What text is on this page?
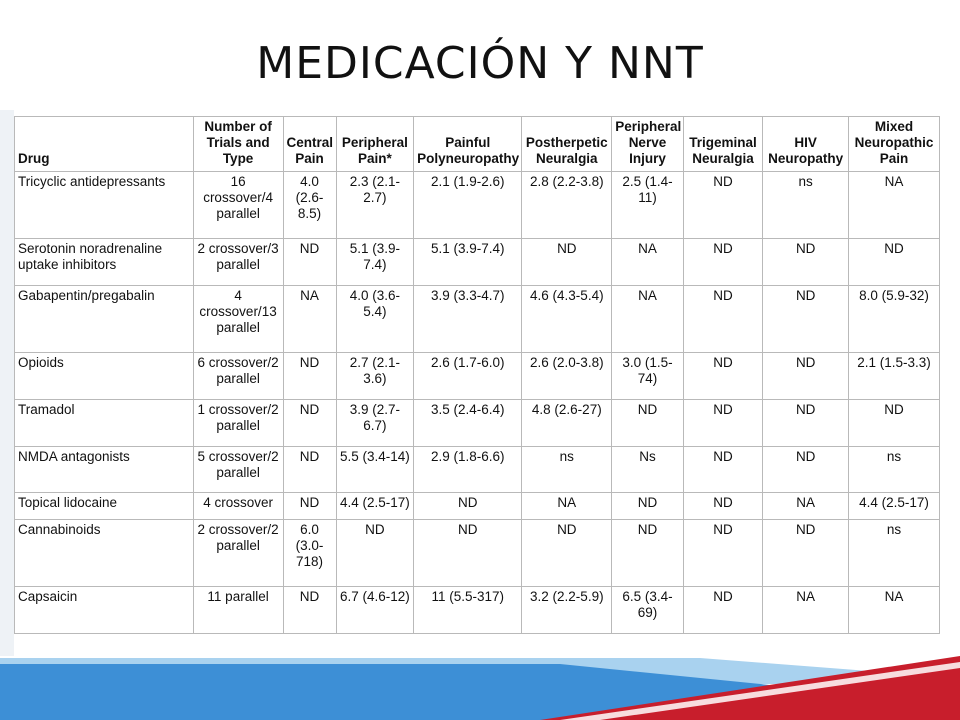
MEDICACIÓN Y NNT
Drug	Number of Trials and Type	Central Pain	Peripheral Pain*	Painful Polyneuropathy	Postherpetic Neuralgia	Peripheral Nerve Injury	Trigeminal Neuralgia	HIV Neuropathy	Mixed Neuropathic Pain
Tricyclic antidepressants	16 crossover/4 parallel	4.0 (2.6-8.5)	2.3 (2.1-2.7)	2.1 (1.9-2.6)	2.8 (2.2-3.8)	2.5 (1.4-11)	ND	ns	NA
Serotonin noradrenaline uptake inhibitors	2 crossover/3 parallel	ND	5.1 (3.9-7.4)	5.1 (3.9-7.4)	ND	NA	ND	ND	ND
Gabapentin/pregabalin	4 crossover/13 parallel	NA	4.0 (3.6-5.4)	3.9 (3.3-4.7)	4.6 (4.3-5.4)	NA	ND	ND	8.0 (5.9-32)
Opioids	6 crossover/2 parallel	ND	2.7 (2.1-3.6)	2.6 (1.7-6.0)	2.6 (2.0-3.8)	3.0 (1.5-74)	ND	ND	2.1 (1.5-3.3)
Tramadol	1 crossover/2 parallel	ND	3.9 (2.7-6.7)	3.5 (2.4-6.4)	4.8 (2.6-27)	ND	ND	ND	ND
NMDA antagonists	5 crossover/2 parallel	ND	5.5 (3.4-14)	2.9 (1.8-6.6)	ns	Ns	ND	ND	ns
Topical lidocaine	4 crossover	ND	4.4 (2.5-17)	ND	NA	ND	ND	NA	4.4 (2.5-17)
Cannabinoids	2 crossover/2 parallel	6.0 (3.0-718)	ND	ND	ND	ND	ND	ND	ns
Capsaicin	11 parallel	ND	6.7 (4.6-12)	11 (5.5-317)	3.2 (2.2-5.9)	6.5 (3.4-69)	ND	NA	NA
